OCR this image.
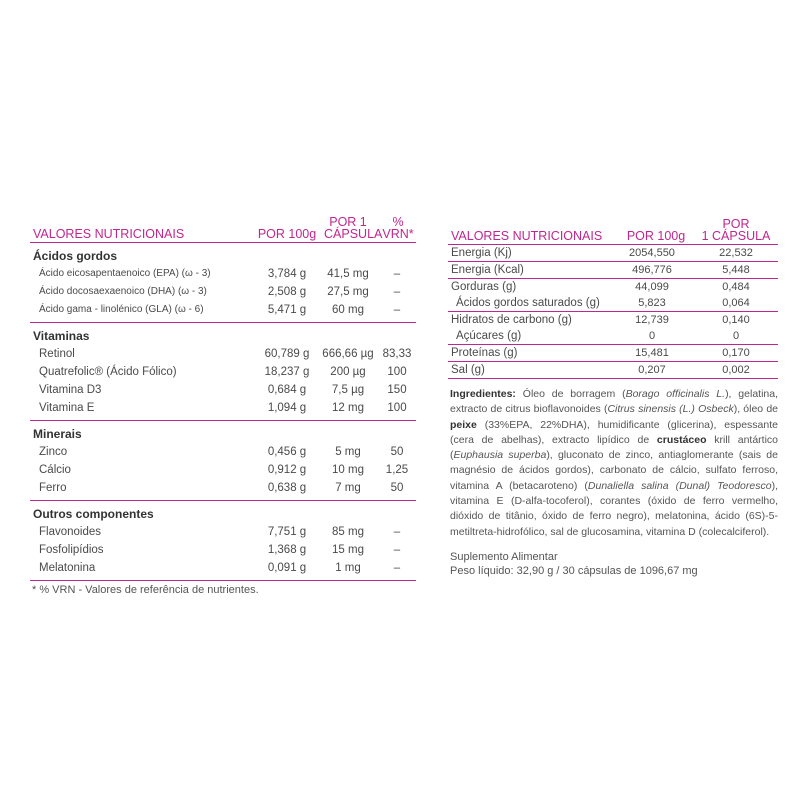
VALORES NUTRICIONAIS	POR 100g
POR 1
CÁPSULA
%
VRN*
Ácidos gordos
Ácido eicosapentaenoico (EPA) (ω - 3)	3,784 g	41,5 mg	–
Ácido docosaexaenoico (DHA) (ω - 3)	2,508 g	27,5 mg	–
Ácido gama - linolénico (GLA) (ω - 6)	5,471 g	60 mg	–
Vitaminas
Retinol	60,789 g	666,66 µg 83,33
Quatrefolic® (Ácido Fólico)	18,237 g	200 µg	100
Vitamina D3	0,684 g	7,5 µg	150
Vitamina E	1,094 g	12 mg	100
Minerais
Zinco	0,456 g	5 mg	50
Cálcio	0,912 g	10 mg	1,25
Ferro	0,638 g	7 mg	50
Outros componentes
Flavonoides	7,751 g	85 mg	–
Fosfolipídios	1,368 g	15 mg	–
Melatonina	0,091 g	1 mg	–
* % VRN - Valores de referência de nutrientes.
VALORES NUTRICIONAIS POR 100g
POR
1 CÁPSULA
Energia (Kj)	2054,550	22,532
Energia (Kcal)	496,776	5,448
Gorduras (g)	44,099	0,484
Ácidos gordos saturados (g)	5,823	0,064
Hidratos de carbono (g)	12,739	0,140
Açúcares (g)	0	0
Proteínas (g)	15,481	0,170
Sal (g)	0,207	0,002
Ingredientes: Óleo de borragem (Borago officinalis L.), gelatina, extracto de citrus bioflavonoides (Citrus sinensis (L.) Osbeck), óleo de peixe (33%EPA, 22%DHA), humidificante (glicerina), espessante (cera de abelhas), extracto lipídico de crustáceo krill antártico (Euphausia superba), gluconato de zinco, antiaglomerante (sais de magnésio de ácidos gordos), carbonato de cálcio, sulfato ferroso, vitamina A (betacaroteno) (Dunaliella salina (Dunal) Teodoresco), vitamina E (D-alfa-tocoferol), corantes (óxido de ferro vermelho, dióxido de titânio, óxido de ferro negro), melatonina, ácido (6S)-5-metiltreta-hidrofólico, sal de glucosamina, vitamina D (colecalciferol).
Suplemento Alimentar
Peso líquido: 32,90 g / 30 cápsulas de 1096,67 mg
